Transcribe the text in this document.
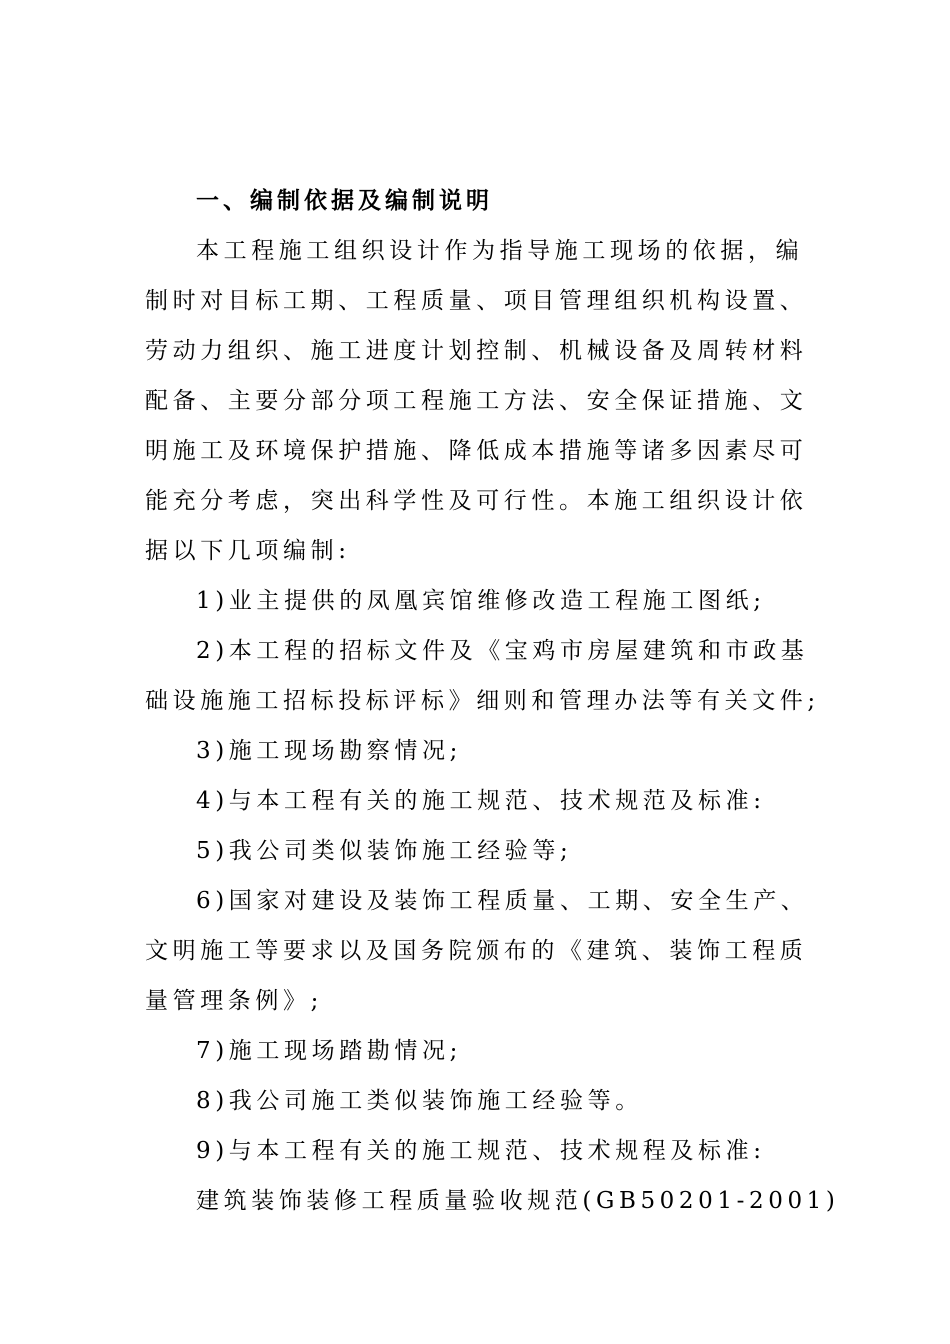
一、编制依据及编制说明
本工程施工组织设计作为指导施工现场的依据，编
制时对目标工期、工程质量、项目管理组织机构设置、
劳动力组织、施工进度计划控制、机械设备及周转材料
配备、主要分部分项工程施工方法、安全保证措施、文
明施工及环境保护措施、降低成本措施等诸多因素尽可
能充分考虑，突出科学性及可行性。本施工组织设计依
据以下几项编制:
1)业主提供的凤凰宾馆维修改造工程施工图纸;
2)本工程的招标文件及《宝鸡市房屋建筑和市政基
础设施施工招标投标评标》细则和管理办法等有关文件;
3)施工现场勘察情况;
4)与本工程有关的施工规范、技术规范及标准:
5)我公司类似装饰施工经验等;
6)国家对建设及装饰工程质量、工期、安全生产、
文明施工等要求以及国务院颁布的《建筑、装饰工程质
量管理条例》;
7)施工现场踏勘情况;
8)我公司施工类似装饰施工经验等。
9)与本工程有关的施工规范、技术规程及标准:
建筑装饰装修工程质量验收规范(GB50201-2001)
